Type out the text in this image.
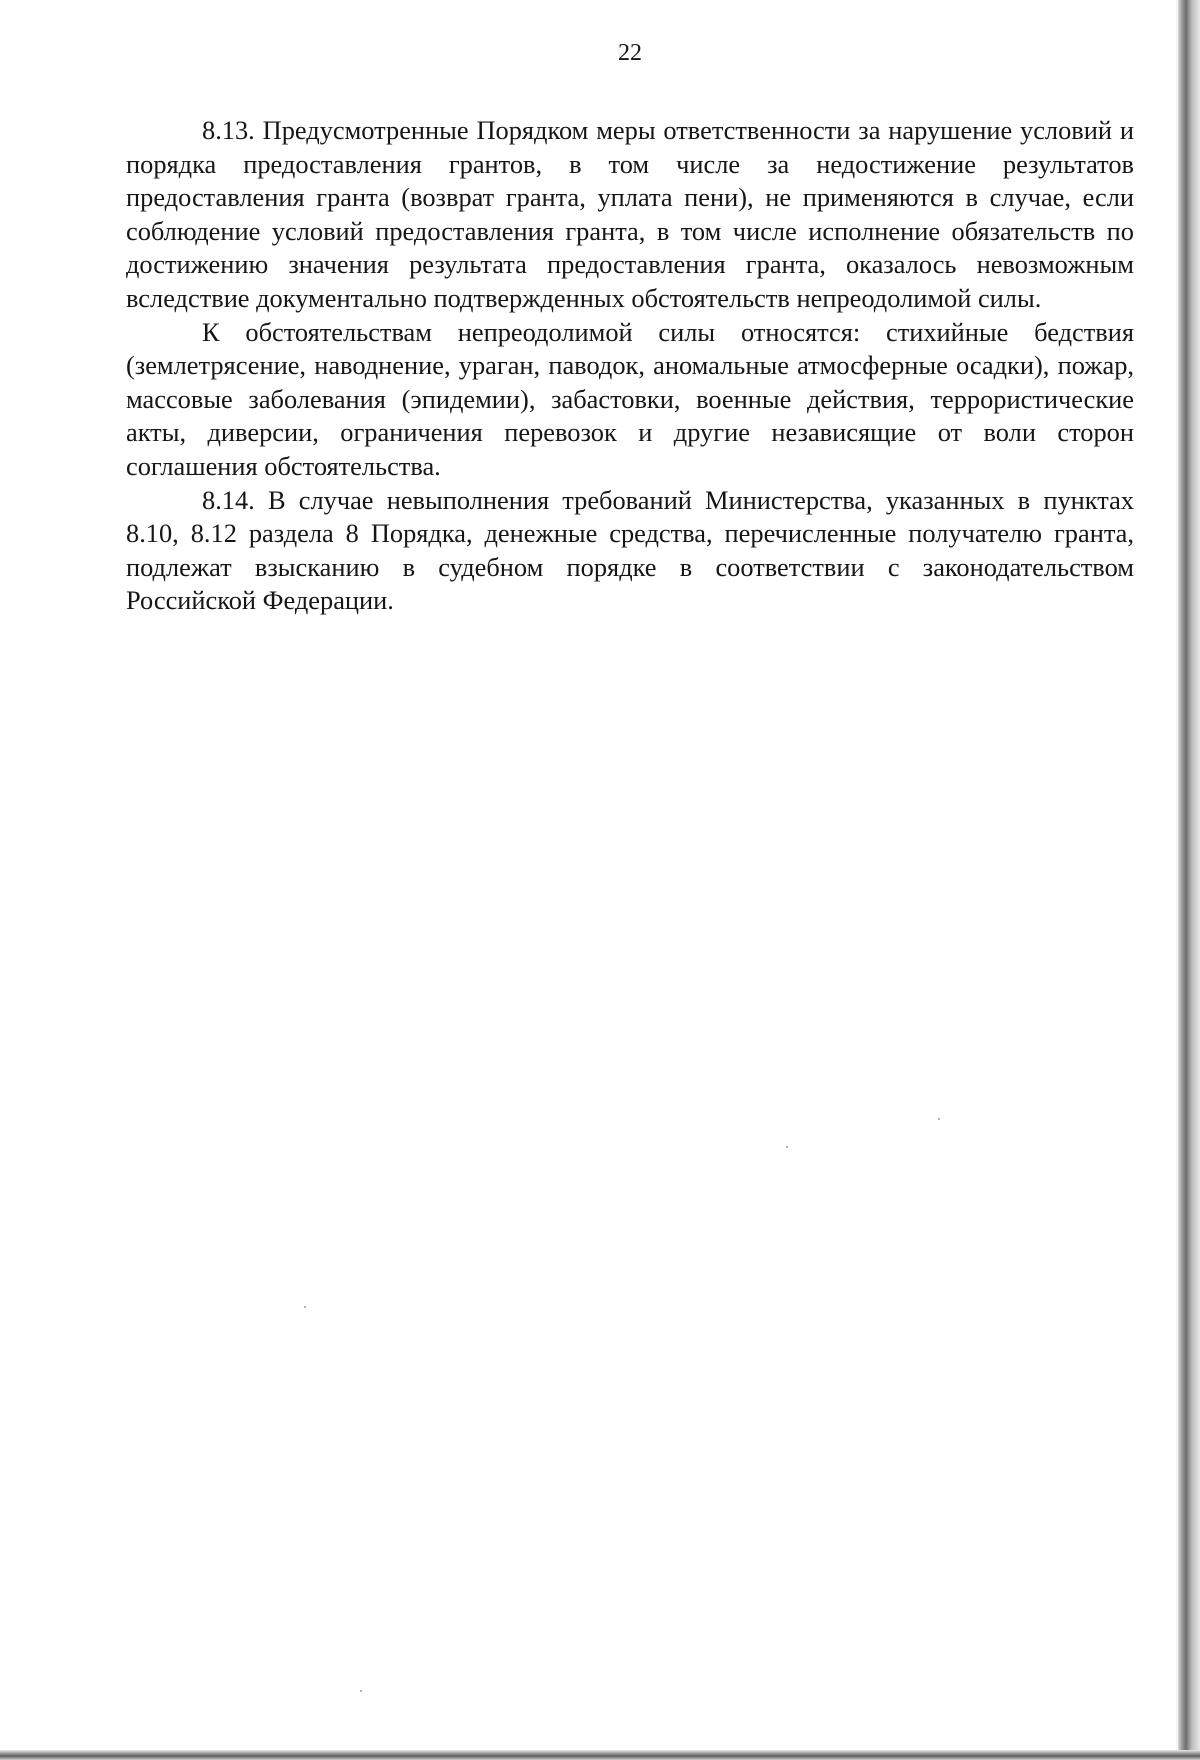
22

8.13. Предусмотренные Порядком меры ответственности за нарушение условий и порядка предоставления грантов, в том числе за недостижение результатов предоставления гранта (возврат гранта, уплата пени), не применяются в случае, если соблюдение условий предоставления гранта, в том числе исполнение обязательств по достижению значения результата предоставления гранта, оказалось невозможным вследствие документально подтвержденных обстоятельств непреодолимой силы.

К обстоятельствам непреодолимой силы относятся: стихийные бедствия (землетрясение, наводнение, ураган, паводок, аномальные атмосферные осадки), пожар, массовые заболевания (эпидемии), забастовки, военные действия, террористические акты, диверсии, ограничения перевозок и другие независящие от воли сторон соглашения обстоятельства.

8.14. В случае невыполнения требований Министерства, указанных в пунктах 8.10, 8.12 раздела 8 Порядка, денежные средства, перечисленные получателю гранта, подлежат взысканию в судебном порядке в соответствии с законодательством Российской Федерации.
